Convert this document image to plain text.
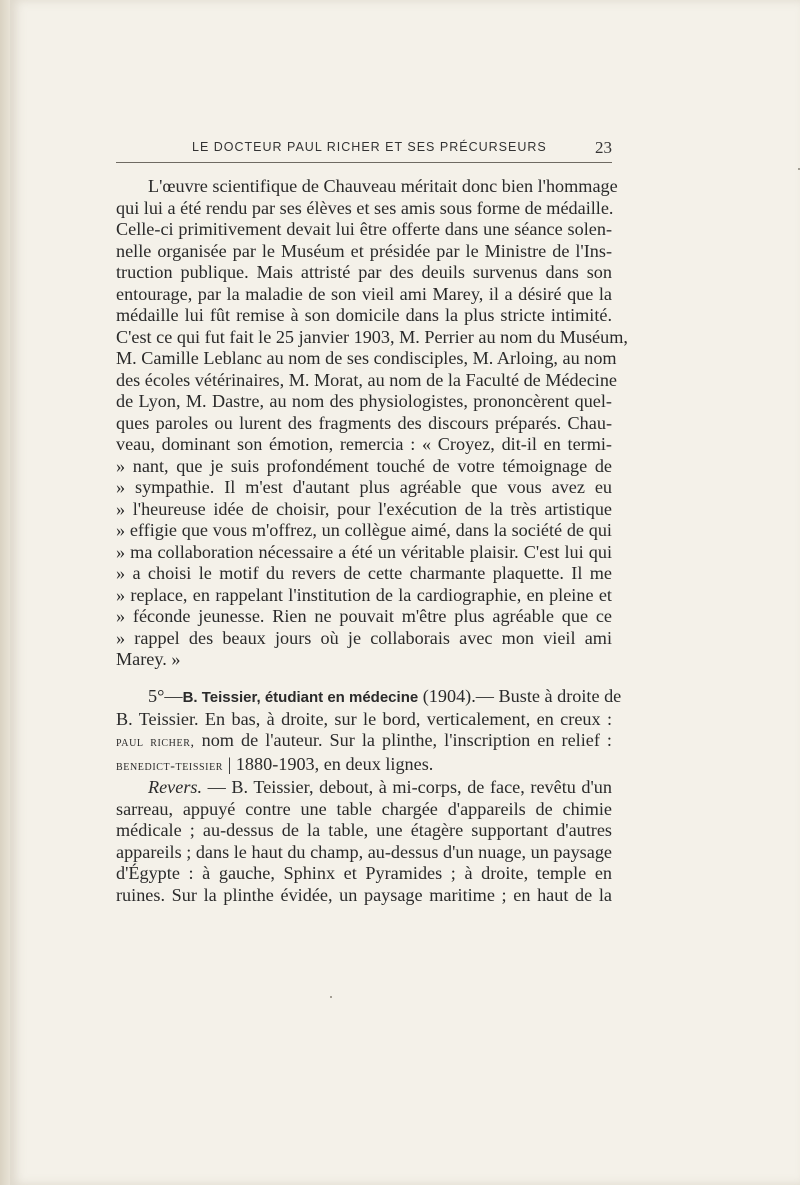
LE DOCTEUR PAUL RICHER ET SES PRÉCURSEURS	23
L'œuvre scientifique de Chauveau méritait donc bien l'hommage
qui lui a été rendu par ses élèves et ses amis sous forme de médaille.
Celle-ci primitivement devait lui être offerte dans une séance solen-
nelle organisée par le Muséum et présidée par le Ministre de l'Ins-
truction publique. Mais attristé par des deuils survenus dans son
entourage, par la maladie de son vieil ami Marey, il a désiré que la
médaille lui fût remise à son domicile dans la plus stricte intimité.
C'est ce qui fut fait le 25 janvier 1903, M. Perrier au nom du Muséum,
M. Camille Leblanc au nom de ses condisciples, M. Arloing, au nom
des écoles vétérinaires, M. Morat, au nom de la Faculté de Médecine
de Lyon, M. Dastre, au nom des physiologistes, prononcèrent quel-
ques paroles ou lurent des fragments des discours préparés. Chau-
veau, dominant son émotion, remercia : « Croyez, dit-il en termi-
» nant, que je suis profondément touché de votre témoignage de
» sympathie. Il m'est d'autant plus agréable que vous avez eu
» l'heureuse idée de choisir, pour l'exécution de la très artistique
» effigie que vous m'offrez, un collègue aimé, dans la société de qui
» ma collaboration nécessaire a été un véritable plaisir. C'est lui qui
» a choisi le motif du revers de cette charmante plaquette. Il me
» replace, en rappelant l'institution de la cardiographie, en pleine et
» féconde jeunesse. Rien ne pouvait m'être plus agréable que ce
» rappel des beaux jours où je collaborais avec mon vieil ami
Marey. »
5°—B. Teissier, étudiant en médecine (1904).— Buste à droite de
B. Teissier. En bas, à droite, sur le bord, verticalement, en creux :
paul richer, nom de l'auteur. Sur la plinthe, l'inscription en relief :
benedict-teissier | 1880-1903, en deux lignes.
Revers. — B. Teissier, debout, à mi-corps, de face, revêtu d'un
sarreau, appuyé contre une table chargée d'appareils de chimie
médicale ; au-dessus de la table, une étagère supportant d'autres
appareils ; dans le haut du champ, au-dessus d'un nuage, un paysage
d'Égypte : à gauche, Sphinx et Pyramides ; à droite, temple en
ruines. Sur la plinthe évidée, un paysage maritime ; en haut de la
